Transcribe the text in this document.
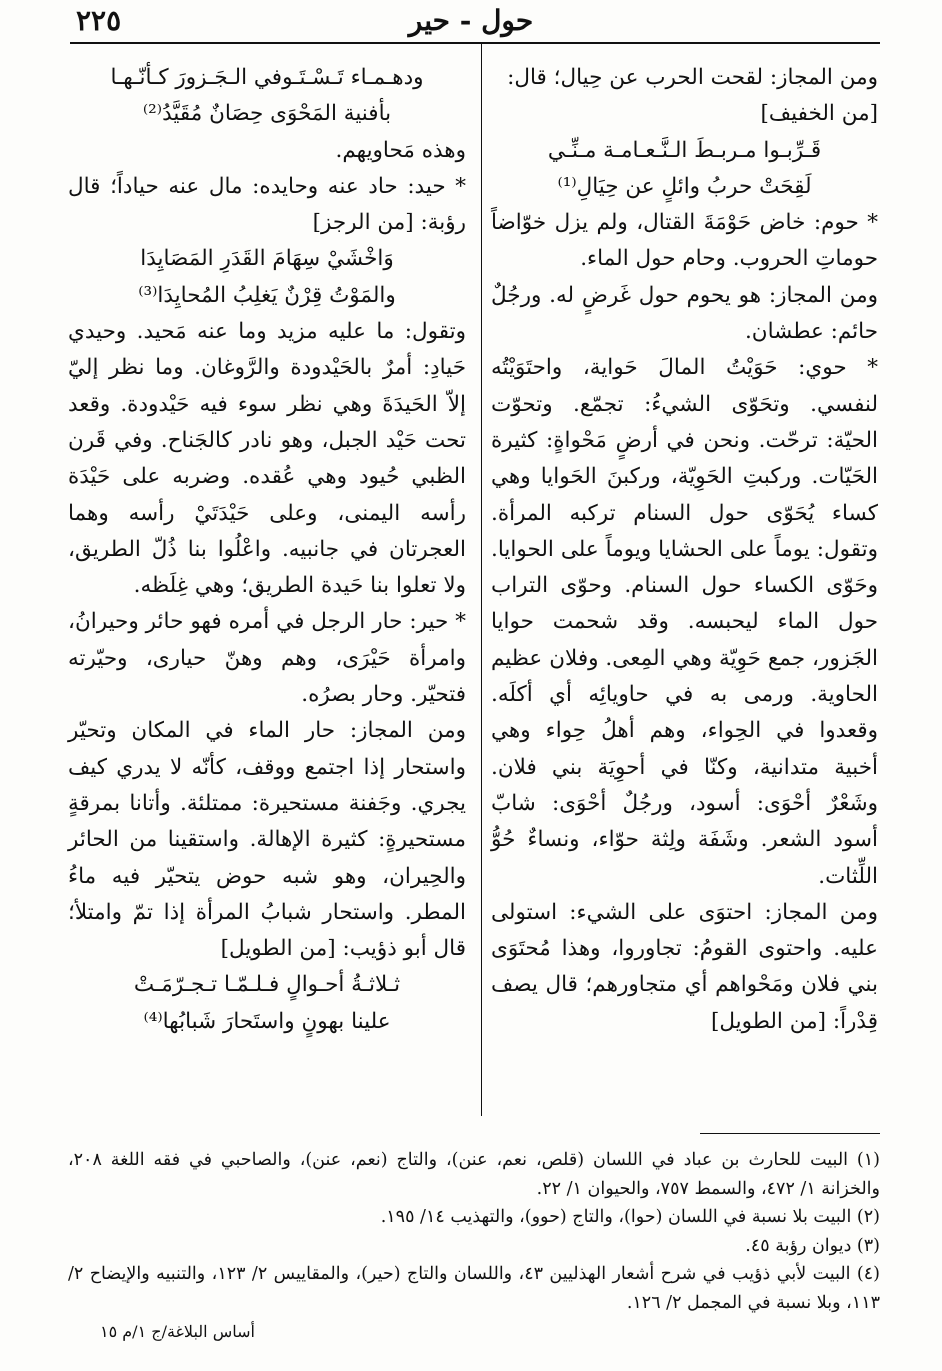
٢٢٥	حول - حير

ومن المجاز: لقحت الحرب عن حِيال؛ قال:

[من الخفيف]

قَـرِّبـوا مـربـطَ الـنَّـعـامـة مـنِّـي

لَقِحَتْ حربُ وائلٍ عن حِيَالِ⁽¹⁾

* حوم: خاض حَوْمَةَ القتال، ولم يزل خوّاضاً حوماتِ الحروب. وحام حول الماء.

ومن المجاز: هو يحوم حول غَرضٍ له. ورجُلٌ حائم: عطشان.

* حوي: حَوَيْتُ المالَ حَواية، واحتَوَيْتُه لنفسي. وتحَوّى الشيءُ: تجمّع. وتحوّت الحيّة: ترحّت. ونحن في أرضٍ مَحْواةٍ: كثيرة الحَيّات. وركبتِ الحَوِيّة، وركبنَ الحَوايا وهي كساء يُحَوّى حول السنام تركبه المرأة. وتقول: يوماً على الحشايا ويوماً على الحوايا. وحَوّى الكساء حول السنام. وحوّى التراب حول الماء ليحبسه. وقد شحمت حوايا الجَزور، جمع حَوِيّة وهي المِعى. وفلان عظيم الحاوية. ورمى به في حاويائِه أي أكلَه. وقعدوا في الحِواء، وهم أهلُ حِواء وهي أخبية متدانية، وكنّا في أحوِيَة بني فلان. وشَعْرٌ أحْوَى: أسود، ورجُلٌ أحْوَى: شابّ أسود الشعر. وشَفَة ولِثة حوّاء، ونساءٌ حُوُّ اللِّثات.

ومن المجاز: احتوَى على الشيء: استولى عليه. واحتوى القومُ: تجاوروا، وهذا مُحتَوَى بني فلان ومَحْواهم أي متجاورهم؛ قال يصف قِدْراً: [من الطويل]

ودهـمـاء تَـسْـتَـوفي الـجَـزورَ كـأنّـهـا

بأفنية المَحْوَى حِصَانٌ مُقَيَّدُ⁽²⁾

وهذه مَحاويهم.

* حيد: حاد عنه وحايده: مال عنه حياداً؛ قال رؤبة: [من الرجز]

وَاخْشَيْ سِهَامَ القَدَرِ المَصَايِدَا

والمَوْتُ قِرْنٌ يَغلِبُ المُحايِدَا⁽³⁾

وتقول: ما عليه مزيد وما عنه مَحيد. وحيدي حَيادِ: أمرٌ بالحَيْدودة والرَّوغان. وما نظر إليّ إلاّ الحَيدَةَ وهي نظر سوء فيه حَيْدودة. وقعد تحت حَيْد الجبل، وهو نادر كالجَناح. وفي قَرن الظبي حُيود وهي عُقده. وضربه على حَيْدَة رأسه اليمنى، وعلى حَيْدَتَيْ رأسه وهما العجرتان في جانبيه. واعْلُوا بنا ذُلّ الطريق، ولا تعلوا بنا حَيدة الطريق؛ وهي غِلَظه.

* حير: حار الرجل في أمره فهو حائر وحيرانُ، وامرأة حَيْرَى، وهم وهنّ حيارى، وحيّرته فتحيّر. وحار بصرُه.

ومن المجاز: حار الماء في المكان وتحيّر واستحار إذا اجتمع ووقف، كأنّه لا يدري كيف يجري. وجَفنة مستحيرة: ممتلئة. وأتانا بمرقةٍ مستحيرةٍ: كثيرة الإهالة. واستقينا من الحائر والحِيران، وهو شبه حوض يتحيّر فيه ماءُ المطر. واستحار شبابُ المرأة إذا تمّ وامتلأ؛ قال أبو ذؤيب: [من الطويل]

ثـلاثـةُ أحـوالٍ فـلـمّـا تـجـرّمَـتْ

علينا بهونٍ واستَحارَ شَبابُها⁽⁴⁾

(١) البيت للحارث بن عباد في اللسان (قلص، نعم، عنن)، والتاج (نعم، عنن)، والصاحبي في فقه اللغة ٢٠٨، والخزانة ١/ ٤٧٢، والسمط ٧٥٧، والحيوان ١/ ٢٢.

(٢) البيت بلا نسبة في اللسان (حوا)، والتاج (حوو)، والتهذيب ١٤/ ١٩٥.

(٣) ديوان رؤبة ٤٥.

(٤) البيت لأبي ذؤيب في شرح أشعار الهذليين ٤٣، واللسان والتاج (حير)، والمقاييس ٢/ ١٢٣، والتنبيه والإيضاح ٢/ ١١٣، وبلا نسبة في المجمل ٢/ ١٢٦.

أساس البلاغة/ج ١/م ١٥
